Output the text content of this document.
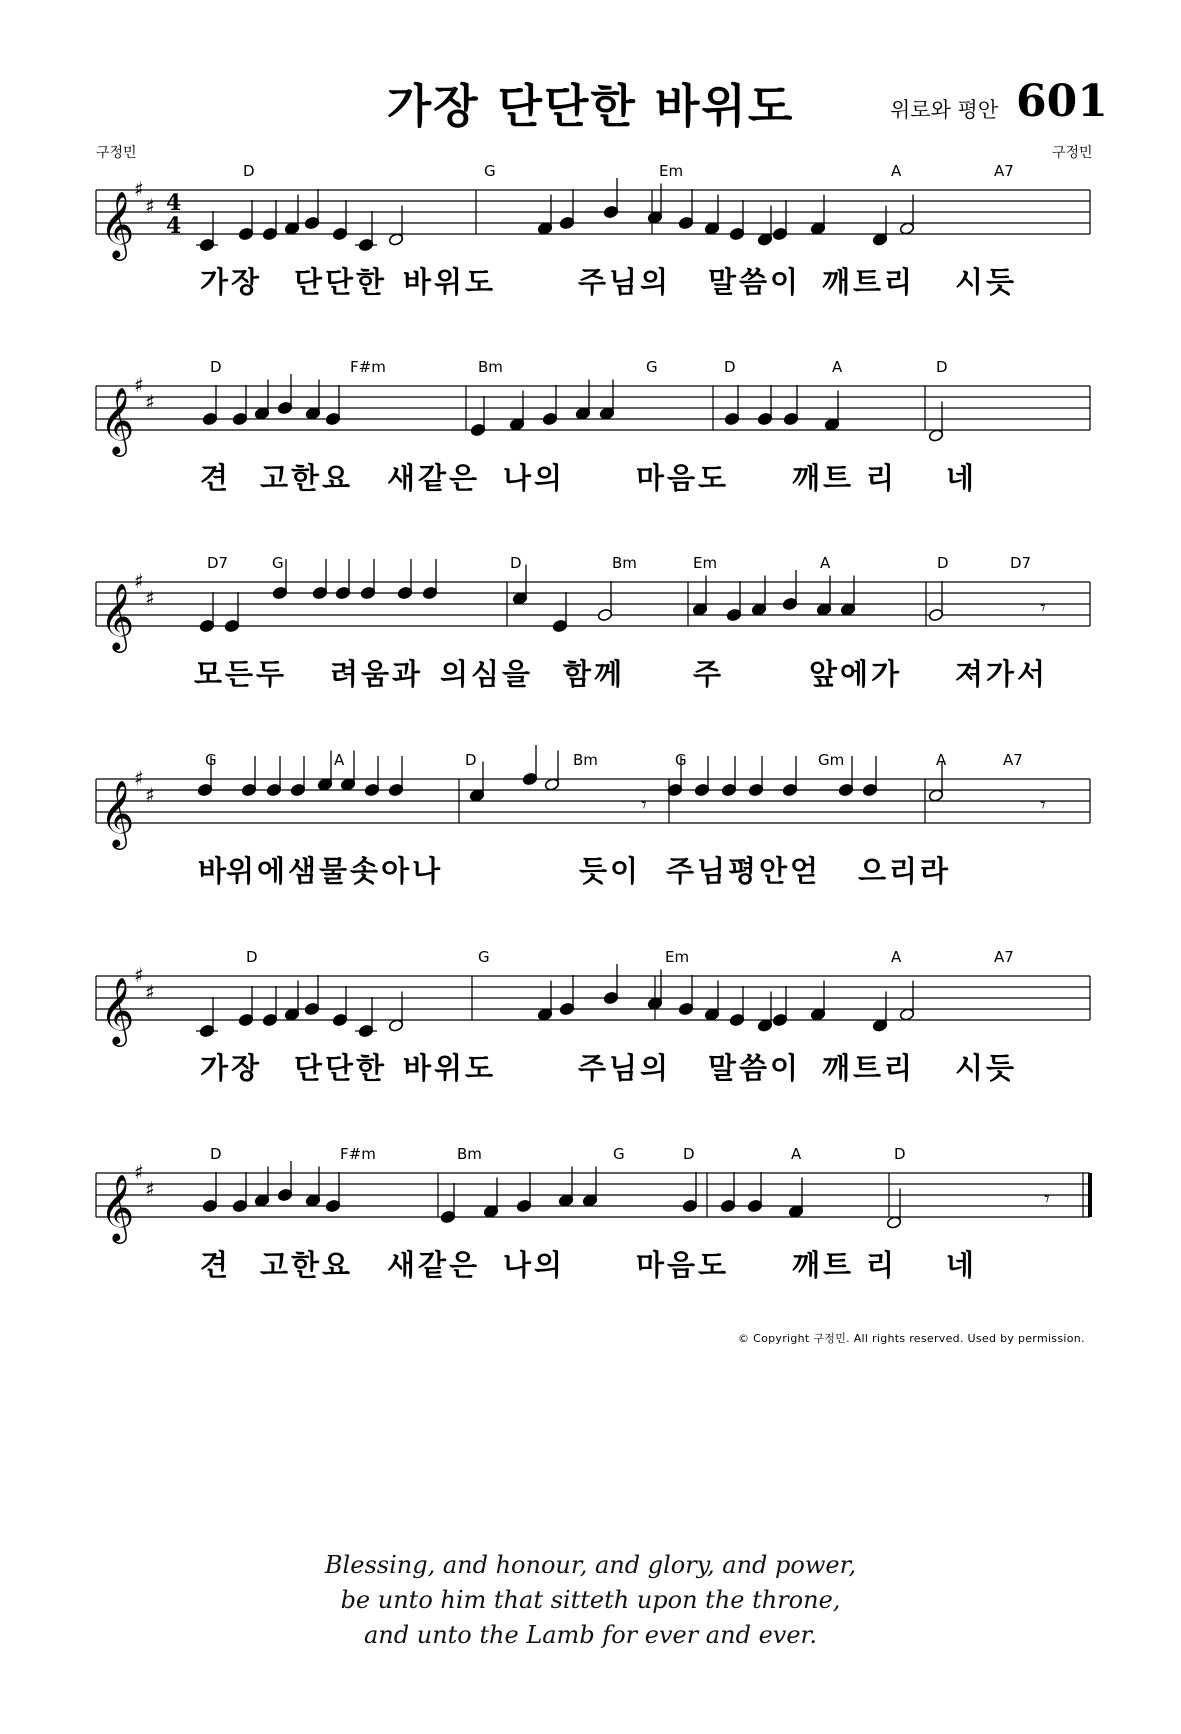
가장 단단한 바위도	위로와 평안 601
구정민	구정민
𝄞
♯
♯ 4
4
D	G	Em	A	A7
가장 단단한 바위도	주님의 말씀이 깨트리 시듯
𝄞
♯
♯
D	F#m	Bm	G	D	A	D
견 고한요 새같은 나의 마음도 깨트 리 네
𝄞
♯
♯	𝄾
D7	G	D	Bm	Em	A	D	D7
모든두 려움과 의심을 함께 주	앞에가 져가서
𝄞
♯
♯	𝄾	𝄾
G	A	D	Bm	G	Gm	A	A7
바
위에샘물솟아나	듯이 주님평안얻 으리라
𝄞
♯
♯
D	G	Em	A	A7
가장 단단한 바위도	주님의 말씀이 깨트리 시듯
𝄞
♯
♯	𝄾
D	F#m	Bm	G	D	A	D
견 고한요 새같은 나의 마음도 깨트 리 네
© Copyright 구정민. All rights reserved. Used by permission.
Blessing, and honour, and glory, and power,
be unto him that sitteth upon the throne,
and unto the Lamb for ever and ever.
